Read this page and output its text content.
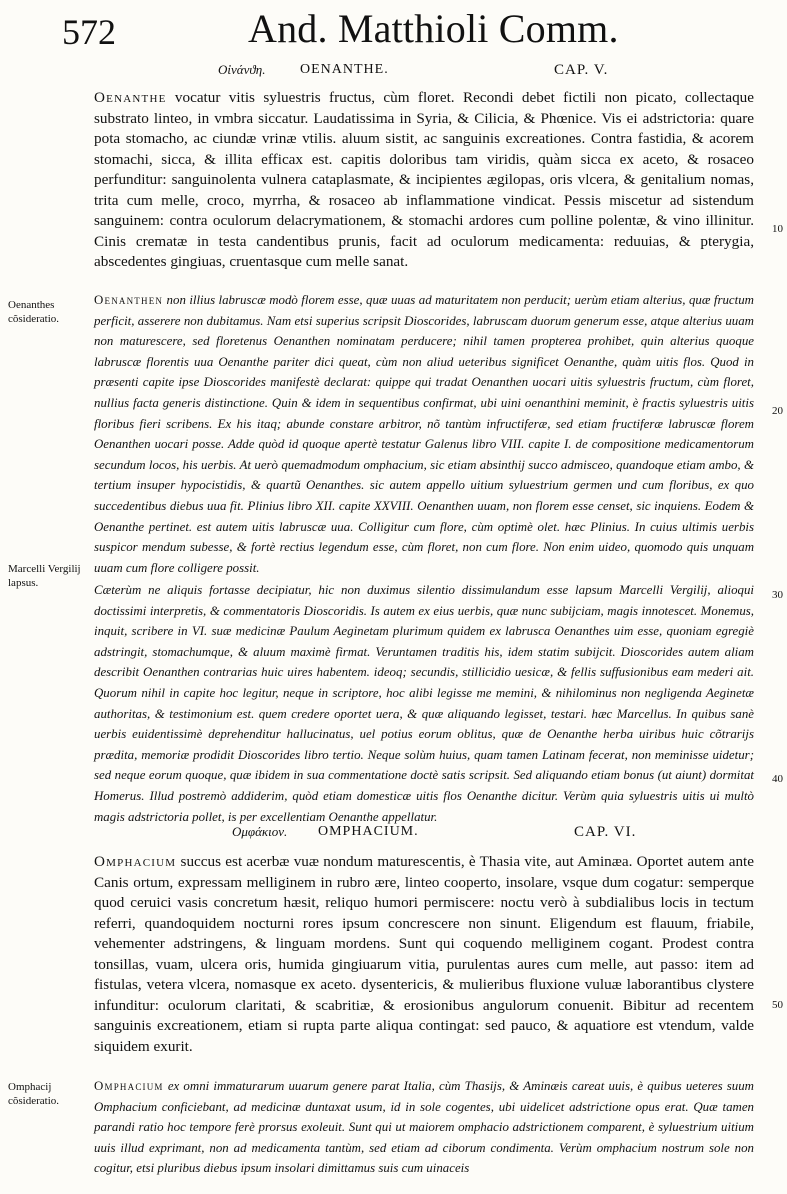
572	And. Matthioli Comm.
Oἰνάνϑη. OENANTHE.	CAP. V.

Oenanthe vocatur vitis syluestris fructus, cùm floret. Recondi debet fictili non picato, collectaque substrato linteo, in vmbra siccatur. Laudatissima in Syria, & Cilicia, & Phœnice. Vis ei adstrictoria: quare pota stomacho, ac ciundæ vrinæ vtilis. aluum sistit, ac sanguinis excreationes. Contra fastidia, & acorem stomachi, sicca, & illita efficax est. capitis doloribus tam viridis, quàm sicca ex aceto, & rosaceo perfunditur: sanguinolenta vulnera cataplasmate, & incipientes ægilopas, oris vlcera, & genitalium nomas, trita cum melle, croco, myrrha, & rosaceo ab inflammatione vindicat. Pessis miscetur ad sistendum sanguinem: contra oculorum delacrymationem, & stomachi ardores cum polline polentæ, & vino illinitur. Cinis crematæ in testa candentibus prunis, facit ad oculorum medicamenta: reduuias, & pterygia, abscedentes gingiuas, cruentasque cum melle sanat.

Oenanthen non illius labruscæ modò florem esse, quæ uuas ad maturitatem non perducit; uerùm etiam alterius, quæ fructum perficit, asserere non dubitamus. Nam etsi superius scripsit Dioscorides, labruscam duorum generum esse, atque alterius uuam non maturescere, sed floretenus Oenanthen nominatam perducere; nihil tamen propterea prohibet, quin alterius quoque labruscæ florentis uua Oenanthe pariter dici queat, cùm non aliud ueteribus significet Oenanthe, quàm uitis flos. Quod in præsenti capite ipse Dioscorides manifestè declarat: quippe qui tradat Oenanthen uocari uitis syluestris fructum, cùm floret, nullius facta generis distinctione. Quin & idem in sequentibus confirmat, ubi uini oenanthini meminit, è fractis syluestris uitis floribus fieri scribens. Ex his itaq; abunde constare arbitror, nõ tantùm infructiferæ, sed etiam fructiferæ labruscæ florem Oenanthen uocari posse. Adde quòd id quoque apertè testatur Galenus libro VIII. capite I. de compositione medicamentorum secundum locos, his uerbis. At uerò quemadmodum omphacium, sic etiam absinthij succo admisceo, quandoque etiam ambo, & tertium insuper hypocistidis, & quartũ Oenanthes. sic autem appello uitium syluestrium germen und cum floribus, ex quo succedentibus diebus uua fit. Plinius libro XII. capite XXVIII. Oenanthen uuam, non florem esse censet, sic inquiens. Eodem & Oenanthe pertinet. est autem uitis labruscæ uua. Colligitur cum flore, cùm optimè olet. hæc Plinius. In cuius ultimis uerbis suspicor mendum subesse, & fortè rectius legendum esse, cùm floret, non cum flore. Non enim uideo, quomodo quis unquam uuam cum flore colligere possit.

Cæterùm ne aliquis fortasse decipiatur, hic non duximus silentio dissimulandum esse lapsum Marcelli Vergilij, alioqui doctissimi interpretis, & commentatoris Dioscoridis. Is autem ex eius uerbis, quæ nunc subijciam, magis innotescet. Monemus, inquit, scribere in VI. suæ medicinæ Paulum Aeginetam plurimum quidem ex labrusca Oenanthes uim esse, quoniam egregiè adstringit, stomachumque, & aluum maximè firmat. Veruntamen traditis his, idem statim subijcit. Dioscorides autem aliam describit Oenanthen contrarias huic uires habentem. ideoq; secundis, stillicidio uesicæ, & fellis suffusionibus eam mederi ait. Quorum nihil in capite hoc legitur, neque in scriptore, hoc alibi legisse me memini, & nihilominus non negligenda Aeginetæ authoritas, & testimonium est. quem credere oportet uera, & quæ aliquando legisset, testari. hæc Marcellus. In quibus sanè uerbis euidentissimè deprehenditur hallucinatus, uel potius eorum oblitus, quæ de Oenanthe herba uiribus huic cõtrarijs prædita, memoriæ prodidit Dioscorides libro tertio. Neque solùm huius, quam tamen Latinam fecerat, non meminisse uidetur; sed neque eorum quoque, quæ ibidem in sua commentatione doctè satis scripsit. Sed aliquando etiam bonus (ut aiunt) dormitat Homerus. Illud postremò addiderim, quòd etiam domesticæ uitis flos Oenanthe dicitur. Verùm quia syluestris uitis ui multò magis adstrictoria pollet, is per excellentiam Oenanthe appellatur.

Oμφάκιον. OMPHACIUM.	CAP. VI.

Omphacium succus est acerbæ vuæ nondum maturescentis, è Thasia vite, aut Aminæa. Oportet autem ante Canis ortum, expressam melliginem in rubro ære, linteo cooperto, insolare, vsque dum cogatur: semperque quod ceruici vasis concretum hæsit, reliquo humori permiscere: noctu verò à subdialibus locis in tectum referri, quandoquidem nocturni rores ipsum concrescere non sinunt. Eligendum est flauum, friabile, vehementer adstringens, & linguam mordens. Sunt qui coquendo melliginem cogant. Prodest contra tonsillas, vuam, ulcera oris, humida gingiuarum vitia, purulentas aures cum melle, aut passo: item ad fistulas, vetera vlcera, nomasque ex aceto. dysentericis, & mulieribus fluxione vuluæ laborantibus clystere infunditur: oculorum claritati, & scabritiæ, & erosionibus angulorum conuenit. Bibitur ad recentem sanguinis excreationem, etiam si rupta parte aliqua contingat: sed pauco, & aquatiore est vtendum, valde siquidem exurit.

Omphacium ex omni immaturarum uuarum genere parat Italia, cùm Thasijs, & Aminæis careat uuis, è quibus ueteres suum Omphacium conficiebant, ad medicinæ duntaxat usum, id in sole cogentes, ubi uidelicet adstrictione opus erat. Quæ tamen parandi ratio hoc tempore ferè prorsus exoleuit. Sunt qui ut maiorem omphacio adstrictionem comparent, è syluestrium uitium uuis illud exprimant, non ad medicamenta tantùm, sed etiam ad ciborum condimenta. Verùm omphacium nostrum sole non cogitur, etsi pluribus diebus ipsum insolari dimittamus suis cum uinaceis

Oenanthes cõsideratio.
Marcelli Vergilij lapsus.
Omphacij cõsideratio.
10
20
30
40
50
